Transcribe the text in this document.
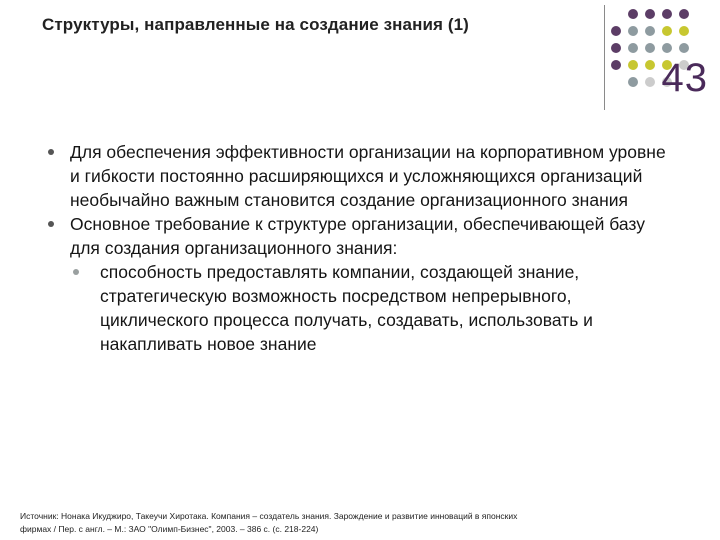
Структуры, направленные на создание знания (1)
43
Для обеспечения эффективности организации на корпоративном уровне и гибкости постоянно расширяющихся и усложняющихся организаций необычайно важным становится создание организационного знания
Основное требование к структуре организации, обеспечивающей базу для создания организационного знания:
способность предоставлять компании, создающей знание, стратегическую возможность посредством непрерывного, циклического процесса получать, создавать, использовать и накапливать новое знание
Источник: Нонака Икуджиро, Такеучи Хиротака. Компания – создатель знания. Зарождение и развитие инноваций в японских
фирмах / Пер. с англ. – М.: ЗАО "Олимп-Бизнес", 2003. – 386 с. (с. 218-224)
